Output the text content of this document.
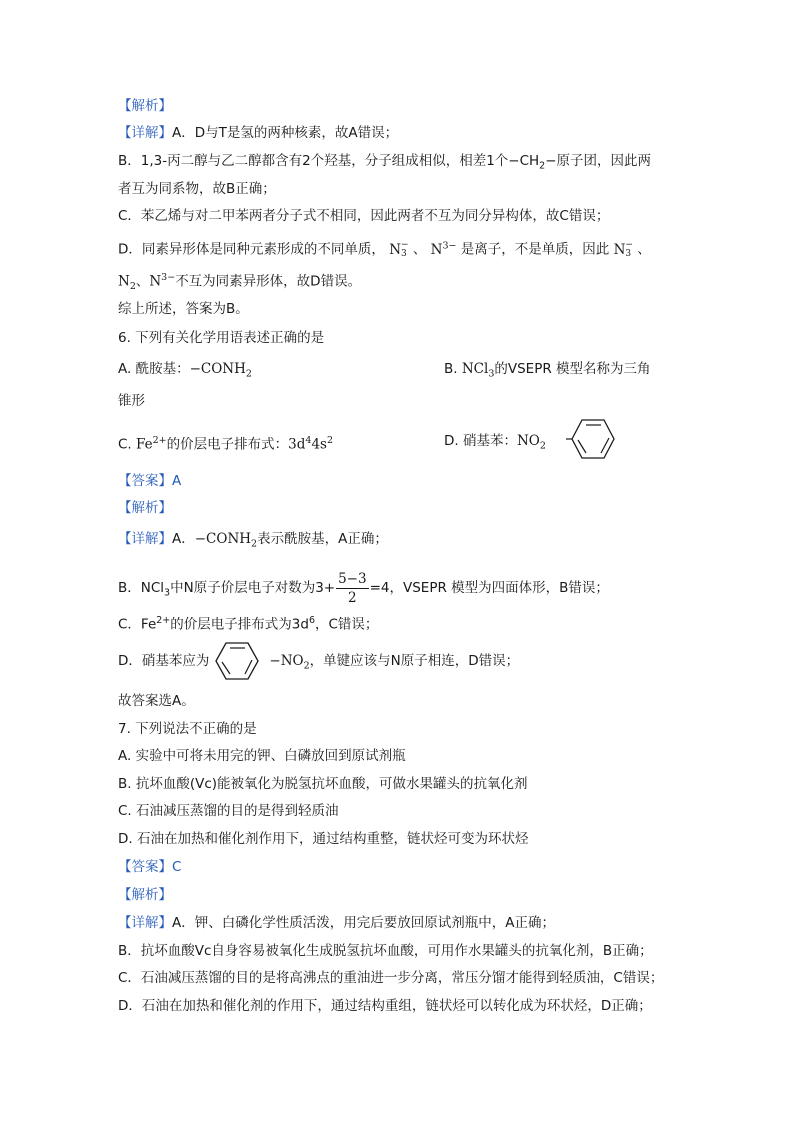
【解析】
【详解】A．D与T是氢的两种核素，故A错误；
B．1,3-丙二醇与乙二醇都含有2个羟基，分子组成相似，相差1个$-CH_2-$原子团，因此两
者互为同系物，故B正确；
C．苯乙烯与对二甲苯两者分子式不相同，因此两者不互为同分异构体，故C错误；
D．同素异形体是同种元素形成的不同单质， N −
3 、 $N^{3-}$ 是离子，不是单质，因此 N −
3 、
$N_2$、$N^{3-}$不互为同素异形体，故D错误。
综上所述，答案为B。
6. 下列有关化学用语表述正确的是
A. 酰胺基：$-CONH_2$	B. NCl$_3$的VSEPR 模型名称为三角
锥形
C. $Fe^{2+}$的价层电子排布式：$3d^44s^2$	D. 硝基苯：$NO_2$
【答案】A
【解析】
【详解】A．$-CONH_2$表示酰胺基，A正确；
B．NCl$_3$中N原子价层电子对数为$3+ \frac{5-3}{2} =4$，VSEPR 模型为四面体形，B错误；
C．$Fe^{2+}$的价层电子排布式为$3d^6$，C错误；
D．硝基苯应为	$-NO_2$，单键应该与N原子相连，D错误；
故答案选A。
7. 下列说法不正确的是
A. 实验中可将未用完的钾、白磷放回到原试剂瓶
B. 抗坏血酸(Vc)能被氧化为脱氢抗坏血酸，可做水果罐头的抗氧化剂
C. 石油减压蒸馏的目的是得到轻质油
D. 石油在加热和催化剂作用下，通过结构重整，链状烃可变为环状烃
【答案】C
【解析】
【详解】A．钾、白磷化学性质活泼，用完后要放回原试剂瓶中，A正确；
B．抗坏血酸Vc自身容易被氧化生成脱氢抗坏血酸，可用作水果罐头的抗氧化剂，B正确；
C．石油减压蒸馏的目的是将高沸点的重油进一步分离，常压分馏才能得到轻质油，C错误；
D．石油在加热和催化剂的作用下，通过结构重组，链状烃可以转化成为环状烃，D正确；
